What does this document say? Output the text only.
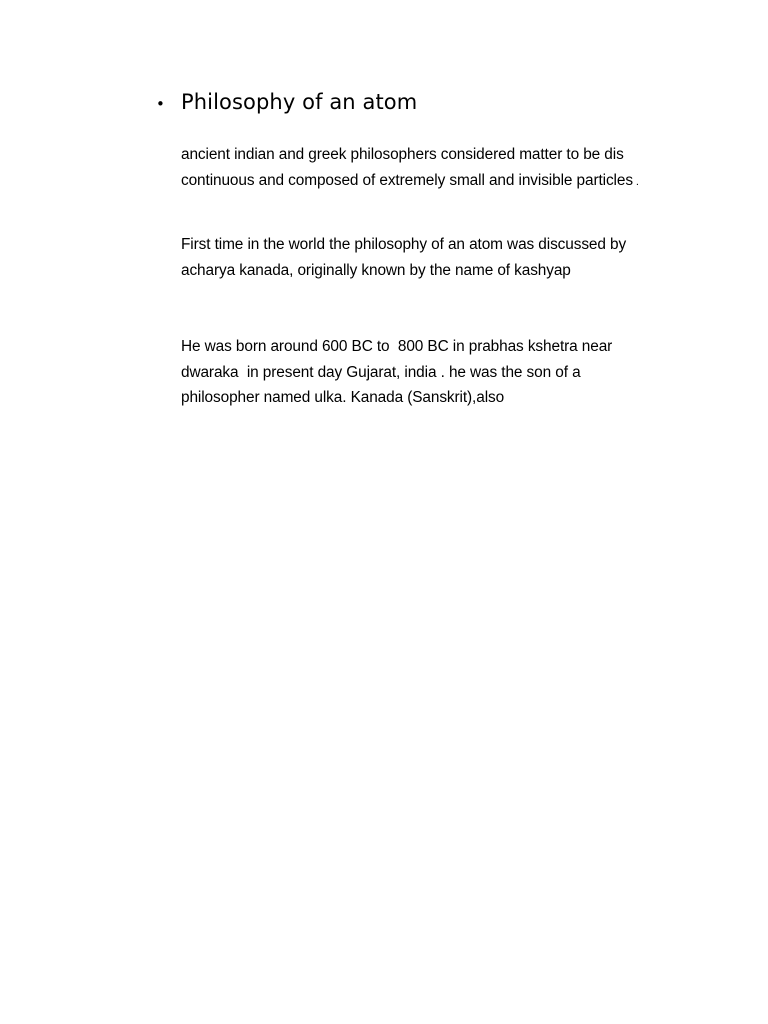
• Philosophy of an atom

ancient indian and greek philosophers considered matter to be dis
continuous and composed of extremely small and invisible particles .

First time in the world the philosophy of an atom was discussed by
acharya kanada, originally known by the name of kashyap

He was born around 600 BC to  800 BC in prabhas kshetra near
dwaraka  in present day Gujarat, india . he was the son of a
philosopher named ulka. Kanada (Sanskrit),also
